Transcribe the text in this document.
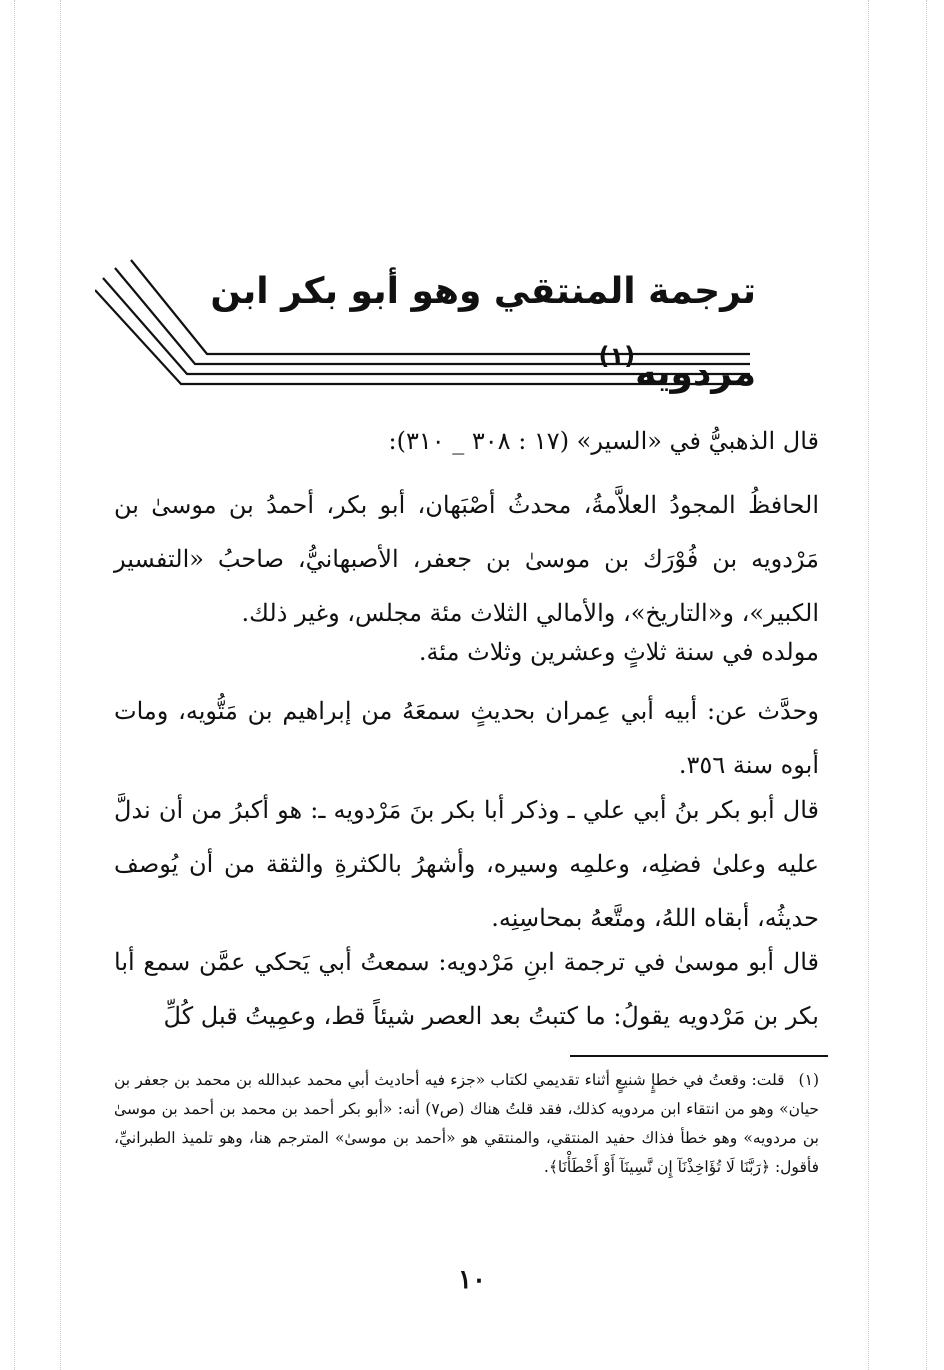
ترجمة المنتقي وهو أبو بكر ابن مردويه$^{(١)}$

قال الذهبيُّ في «السير» (١٧ : ٣٠٨ _ ٣١٠):

الحافظُ المجودُ العلاَّمةُ، محدثُ أصْبَهان، أبو بكر، أحمدُ بن موسىٰ بن مَرْدويه بن فُوْرَك بن موسىٰ بن جعفر، الأصبهانيُّ، صاحبُ «التفسير الكبير»، و«التاريخ»، والأمالي الثلاث مئة مجلس، وغير ذلك.

مولده في سنة ثلاثٍ وعشرين وثلاث مئة.

وحدَّث عن: أبيه أبي عِمران بحديثٍ سمعَهُ من إبراهيم بن مَتُّويه، ومات أبوه سنة ٣٥٦.

قال أبو بكر بنُ أبي علي ـ وذكر أبا بكر بنَ مَرْدويه ـ: هو أكبرُ من أن ندلَّ عليه وعلىٰ فضلِه، وعلمِه وسيره، وأشهرُ بالكثرةِ والثقة من أن يُوصف حديثُه، أبقاه اللهُ، ومتَّعهُ بمحاسِنِه.

قال أبو موسىٰ في ترجمة ابنِ مَرْدويه: سمعتُ أبي يَحكي عمَّن سمع أبا بكر بن مَرْدويه يقولُ: ما كتبتُ بعد العصر شيئاً قط، وعمِيتُ قبل كُلِّ

(١)قلت: وقعتُ في خطإٍ شنيعٍ أثناء تقديمي لكتاب «جزء فيه أحاديث أبي محمد عبدالله بن محمد بن جعفر بن حيان» وهو من انتقاء ابن مردويه كذلك، فقد قلتُ هناك (ص٧) أنه: «أبو بكر أحمد بن محمد بن أحمد بن موسىٰ بن مردويه» وهو خطأ فذاك حفيد المنتقي، والمنتقي هو «أحمد بن موسىٰ» المترجم هنا، وهو تلميذ الطبرانيِّ، فأقول: ﴿رَبَّنَا لَا تُؤَاخِذْنَآ إِن نَّسِينَآ أَوْ أَخْطَأْنَا﴾.
١٠
